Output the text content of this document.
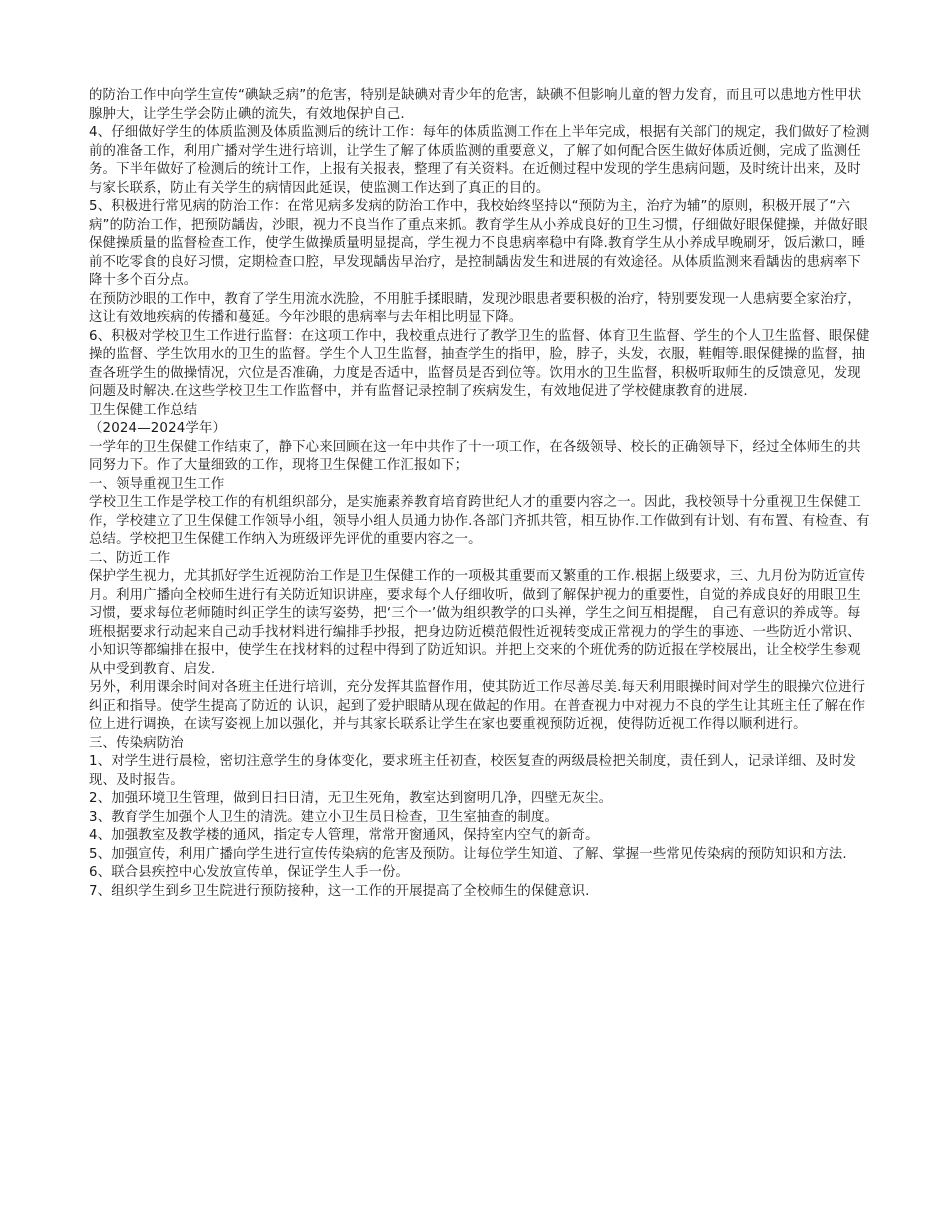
的防治工作中向学生宣传“碘缺乏病”的危害，特别是缺碘对青少年的危害，缺碘不但影响儿童的智力发育，而且可以患地方性甲状腺肿大，让学生学会防止碘的流失，有效地保护自己.

4、仔细做好学生的体质监测及体质监测后的统计工作：每年的体质监测工作在上半年完成，根据有关部门的规定，我们做好了检测前的准备工作，利用广播对学生进行培训，让学生了解了体质监测的重要意义，了解了如何配合医生做好体质近侧，完成了监测任务。下半年做好了检测后的统计工作，上报有关报表，整理了有关资料。在近侧过程中发现的学生患病问题，及时统计出来，及时与家长联系，防止有关学生的病情因此延误，使监测工作达到了真正的目的。

5、积极进行常见病的防治工作：在常见病多发病的防治工作中，我校始终坚持以“预防为主，治疗为辅”的原则，积极开展了“六病”的防治工作，把预防龋齿，沙眼，视力不良当作了重点来抓。教育学生从小养成良好的卫生习惯，仔细做好眼保健操，并做好眼保健操质量的监督检查工作，使学生做操质量明显提高，学生视力不良患病率稳中有降.教育学生从小养成早晚刷牙，饭后漱口，睡前不吃零食的良好习惯，定期检查口腔，早发现龋齿早治疗，是控制龋齿发生和进展的有效途径。从体质监测来看龋齿的患病率下降十多个百分点。

在预防沙眼的工作中，教育了学生用流水洗脸，不用脏手揉眼睛，发现沙眼患者要积极的治疗，特别要发现一人患病要全家治疗，这让有效地疾病的传播和蔓延。今年沙眼的患病率与去年相比明显下降。

6、积极对学校卫生工作进行监督：在这项工作中，我校重点进行了教学卫生的监督、体育卫生监督、学生的个人卫生监督、眼保健操的监督、学生饮用水的卫生的监督。学生个人卫生监督，抽查学生的指甲，脸，脖子，头发，衣服，鞋帽等.眼保健操的监督，抽查各班学生的做操情况，穴位是否准确，力度是否适中，监督员是否到位等。饮用水的卫生监督，积极听取师生的反馈意见，发现问题及时解决.在这些学校卫生工作监督中，并有监督记录控制了疾病发生，有效地促进了学校健康教育的进展.

卫生保健工作总结

（2024—2024学年）

一学年的卫生保健工作结束了，静下心来回顾在这一年中共作了十一项工作，在各级领导、校长的正确领导下，经过全体师生的共同努力下。作了大量细致的工作，现将卫生保健工作汇报如下；

一、领导重视卫生工作

学校卫生工作是学校工作的有机组织部分，是实施素养教育培育跨世纪人才的重要内容之一。因此，我校领导十分重视卫生保健工作，学校建立了卫生保健工作领导小组，领导小组人员通力协作.各部门齐抓共管，相互协作.工作做到有计划、有布置、有检查、有总结。学校把卫生保健工作纳入为班级评先评优的重要内容之一。

二、防近工作

保护学生视力，尤其抓好学生近视防治工作是卫生保健工作的一项极其重要而又繁重的工作.根据上级要求，三、九月份为防近宣传月。利用广播向全校师生进行有关防近知识讲座，要求每个人仔细收听，做到了解保护视力的重要性，自觉的养成良好的用眼卫生习惯，要求每位老师随时纠正学生的读写姿势，把‘三个一’做为组织教学的口头禅，学生之间互相提醒， 自己有意识的养成等。每班根据要求行动起来自己动手找材料进行编排手抄报，把身边防近模范假性近视转变成正常视力的学生的事迹、一些防近小常识、小知识等都编排在报中，使学生在找材料的过程中得到了防近知识。并把上交来的个班优秀的防近报在学校展出，让全校学生参观从中受到教育、启发.

另外，利用课余时间对各班主任进行培训，充分发挥其监督作用，使其防近工作尽善尽美.每天利用眼操时间对学生的眼操穴位进行纠正和指导。使学生提高了防近的 认识，起到了爱护眼睛从现在做起的作用。在普查视力中对视力不良的学生让其班主任了解在作位上进行调换，在读写姿视上加以强化，并与其家长联系让学生在家也要重视预防近视，使得防近视工作得以顺利进行。

三、传染病防治

1、对学生进行晨检，密切注意学生的身体变化，要求班主任初查，校医复查的两级晨检把关制度，责任到人，记录详细、及时发现、及时报告。

2、加强环境卫生管理，做到日扫日清，无卫生死角，教室达到窗明几净，四壁无灰尘。

3、教育学生加强个人卫生的清洗。建立小卫生员日检查，卫生室抽查的制度。

4、加强教室及教学楼的通风，指定专人管理，常常开窗通风，保持室内空气的新奇。

5、加强宣传，利用广播向学生进行宣传传染病的危害及预防。让每位学生知道、了解、掌握一些常见传染病的预防知识和方法.

6、联合县疾控中心发放宣传单，保证学生人手一份。

7、组织学生到乡卫生院进行预防接种，这一工作的开展提高了全校师生的保健意识.
